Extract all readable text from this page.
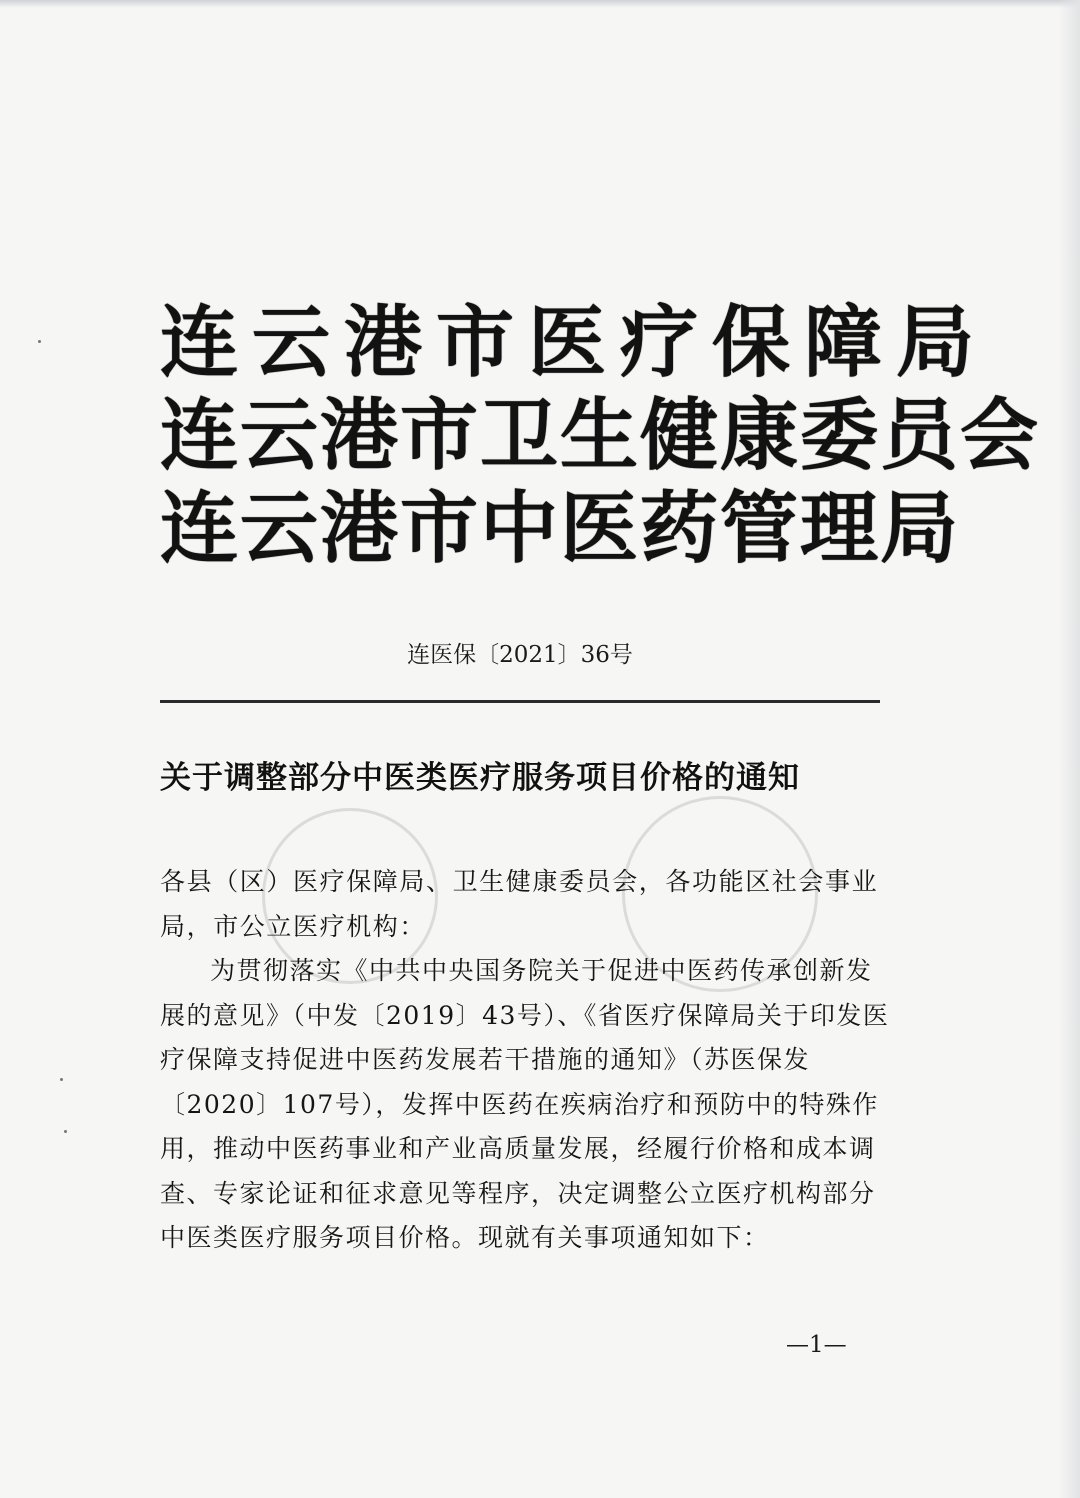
连云港市医疗保障局
连云港市卫生健康委员会
连云港市中医药管理局
连医保〔2021〕36号
关于调整部分中医类医疗服务项目价格的通知

各县（区）医疗保障局、卫生健康委员会，各功能区社会事业局，市公立医疗机构：

为贯彻落实《中共中央国务院关于促进中医药传承创新发展的意见》（中发〔2019〕43号）、《省医疗保障局关于印发医疗保障支持促进中医药发展若干措施的通知》（苏医保发〔2020〕107号），发挥中医药在疾病治疗和预防中的特殊作用，推动中医药事业和产业高质量发展，经履行价格和成本调查、专家论证和征求意见等程序，决定调整公立医疗机构部分中医类医疗服务项目价格。现就有关事项通知如下：

—1—
